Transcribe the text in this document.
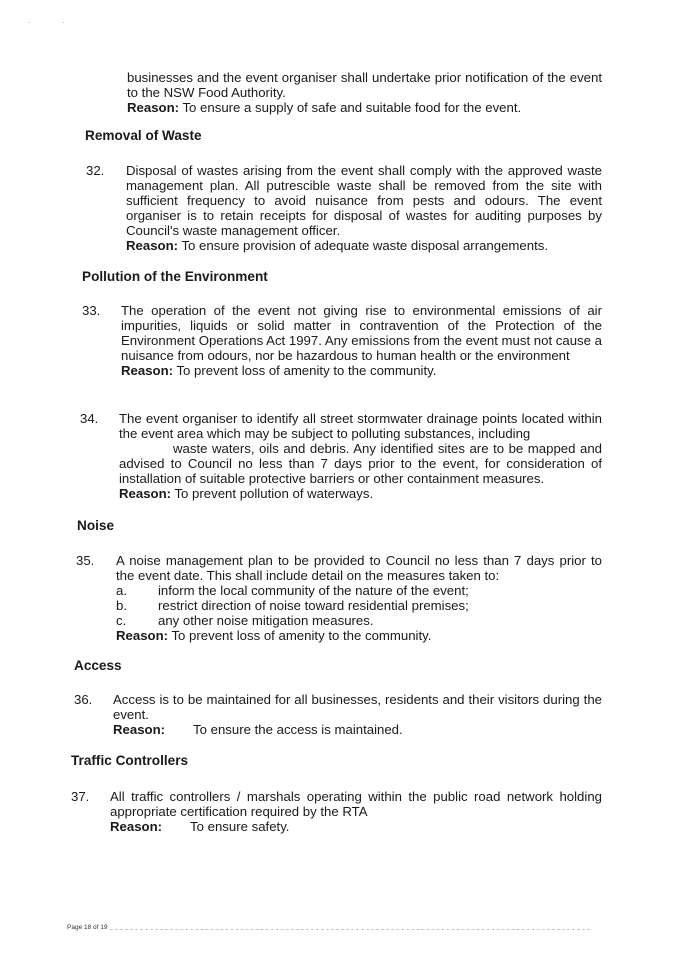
·	·

businesses and the event organiser shall undertake prior notification of the event to the NSW Food Authority.

Reason: To ensure a supply of safe and suitable food for the event.

Removal of Waste
32. Disposal of wastes arising from the event shall comply with the approved waste management plan. All putrescible waste shall be removed from the site with sufficient frequency to avoid nuisance from pests and odours. The event organiser is to retain receipts for disposal of wastes for auditing purposes by Council's waste management officer.

Reason: To ensure provision of adequate waste disposal arrangements.

Pollution of the Environment
33. The operation of the event not giving rise to environmental emissions of air impurities, liquids or solid matter in contravention of the Protection of the Environment Operations Act 1997. Any emissions from the event must not cause a nuisance from odours, nor be hazardous to human health or the environment

Reason: To prevent loss of amenity to the community.

34. The event organiser to identify all street stormwater drainage points located within the event area which may be subject to polluting substances, including

waste waters, oils and debris. Any identified sites are to be mapped and advised to Council no less than 7 days prior to the event, for consideration of installation of suitable protective barriers or other containment measures.

Reason: To prevent pollution of waterways.

Noise
35. A noise management plan to be provided to Council no less than 7 days prior to the event date. This shall include detail on the measures taken to:

a.	inform the local community of the nature of the event;
b.	restrict direction of noise toward residential premises;
c.	any other noise mitigation measures.

Reason: To prevent loss of amenity to the community.

Access
36. Access is to be maintained for all businesses, residents and their visitors during the event.

Reason: To ensure the access is maintained.

Traffic Controllers
37. All traffic controllers / marshals operating within the public road network holding appropriate certification required by the RTA

Reason: To ensure safety.

Page 18 of 19
